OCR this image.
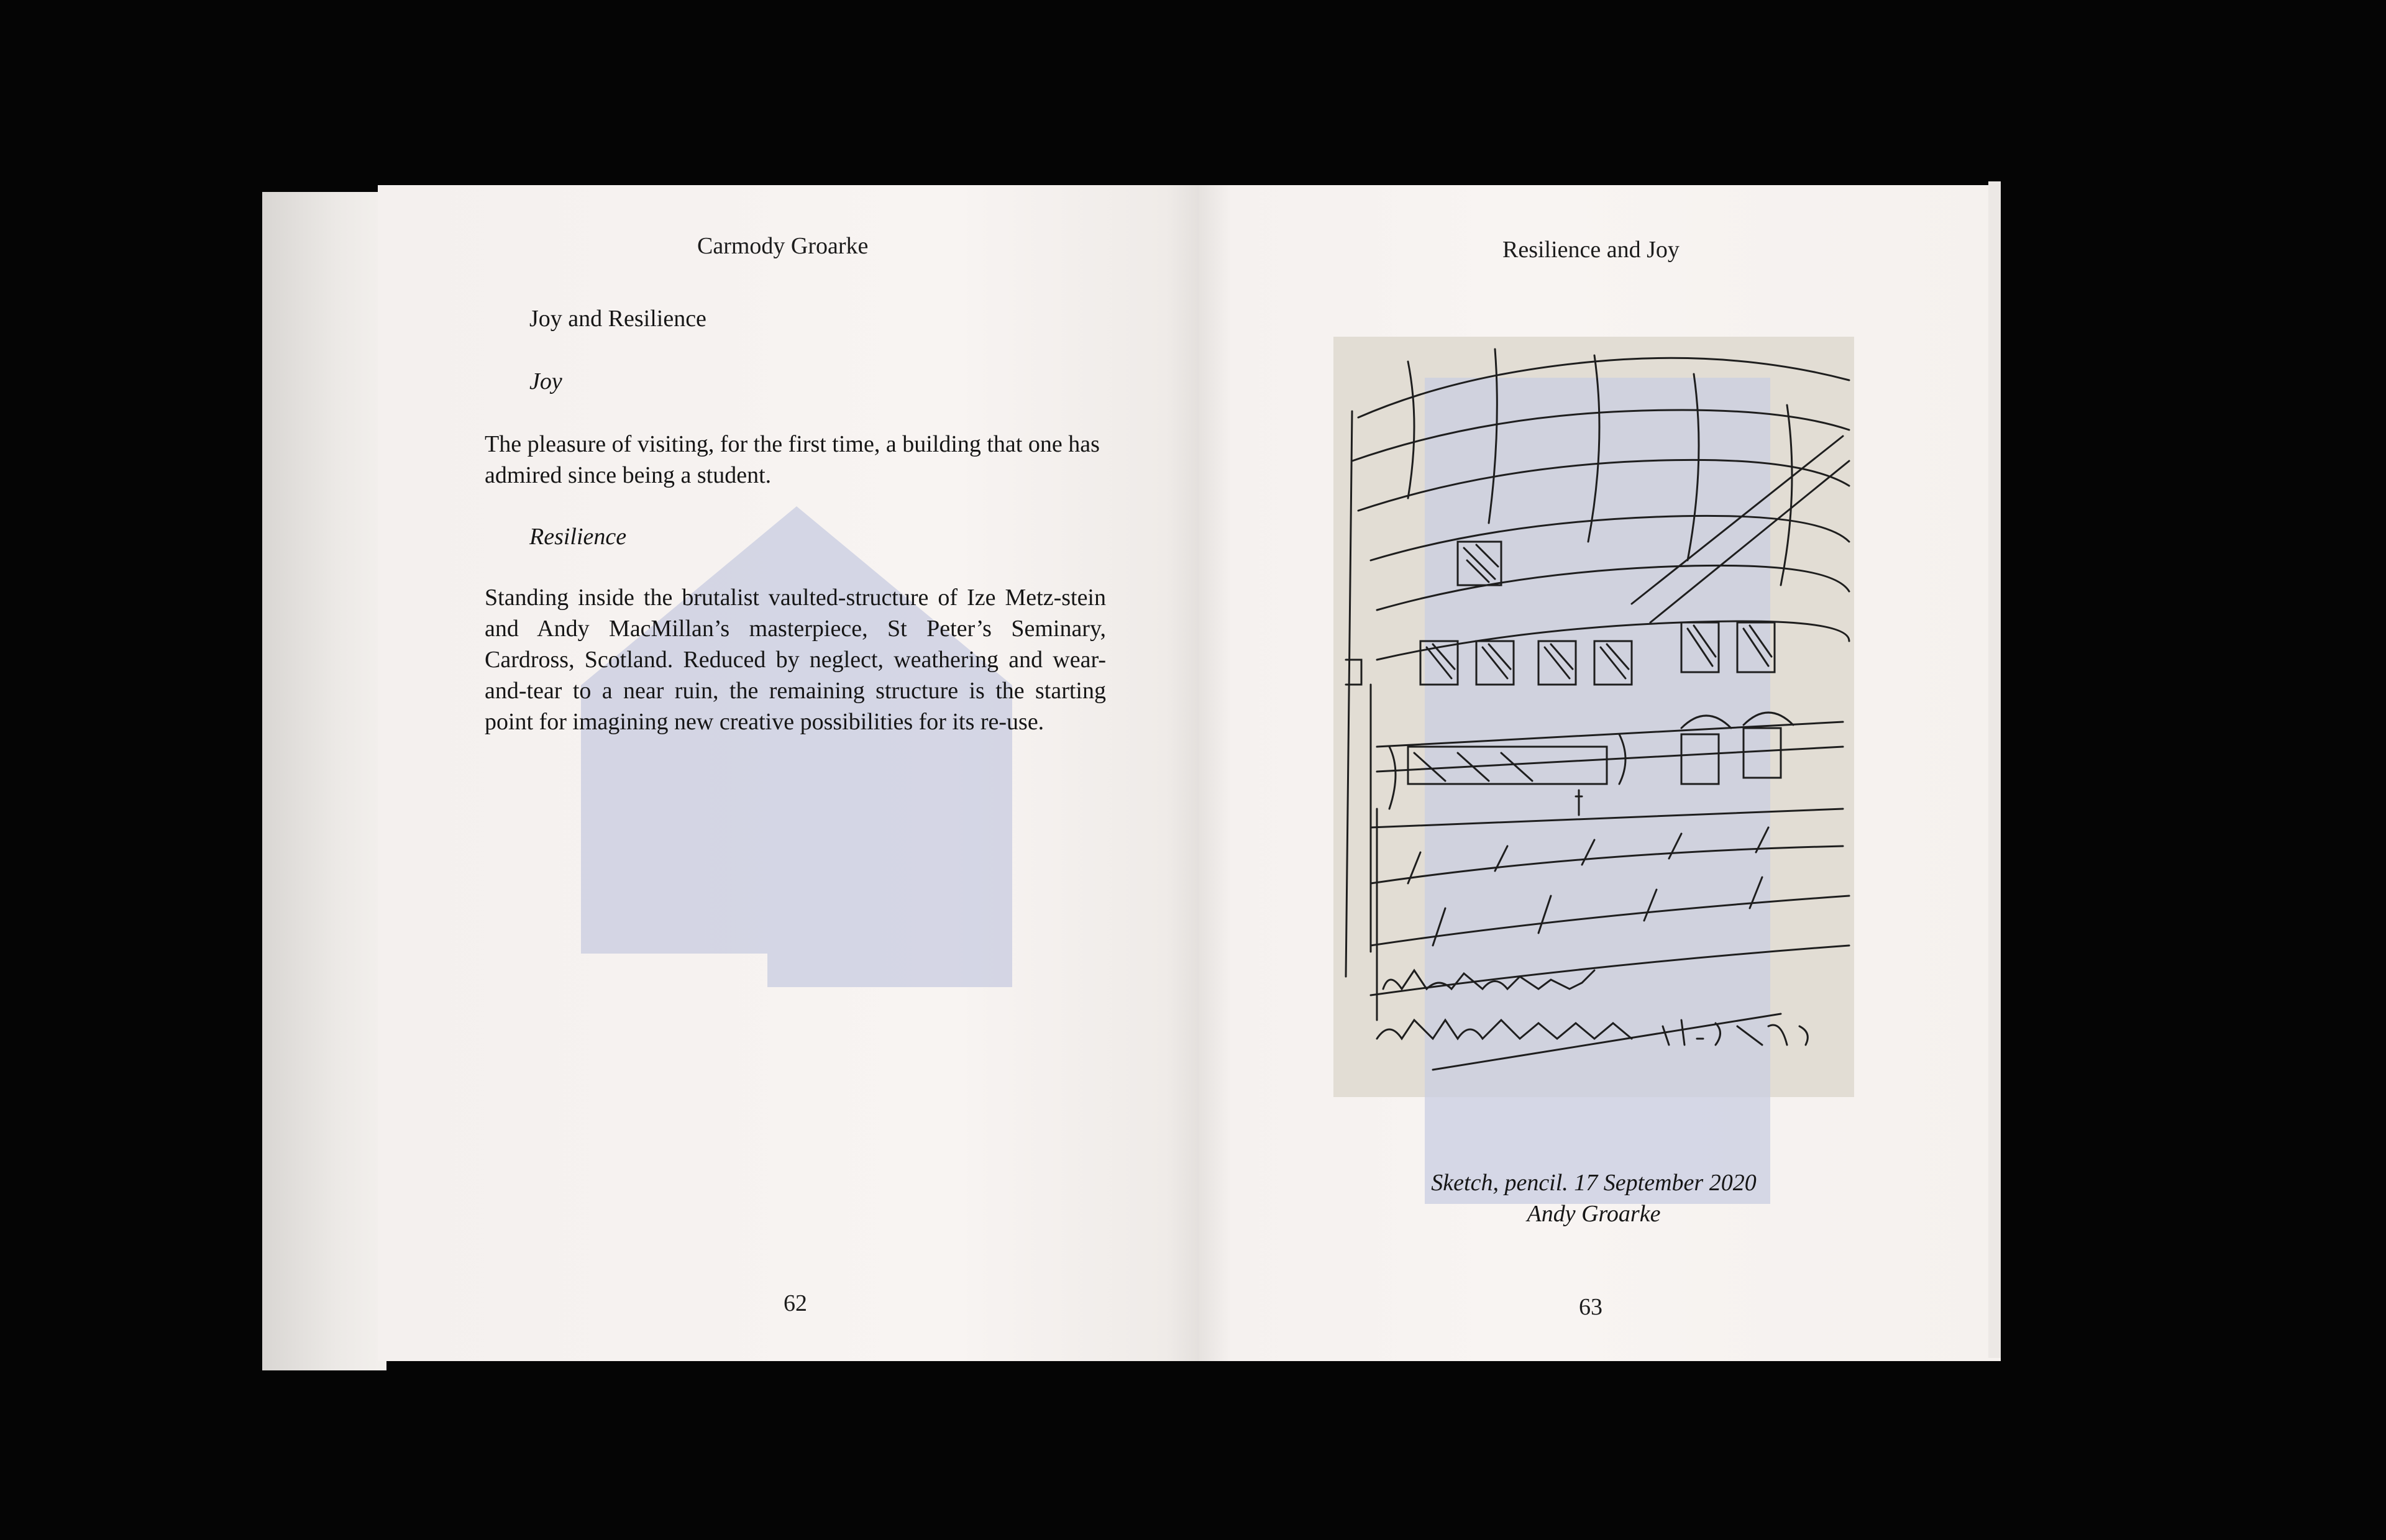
Carmody Groarke
Joy and Resilience
Joy
The pleasure of visiting, for the first time, a building that one has admired since being a student.
Resilience
Standing inside the brutalist vaulted-structure of Ize Metz-stein and Andy MacMillan’s masterpiece, St Peter’s Seminary, Cardross, Scotland. Reduced by neglect, weathering and wear-and-tear to a near ruin, the remaining structure is the starting point for imagining new creative possibilities for its re-use.
62
Resilience and Joy
Sketch, pencil. 17 September 2020
Andy Groarke
63
